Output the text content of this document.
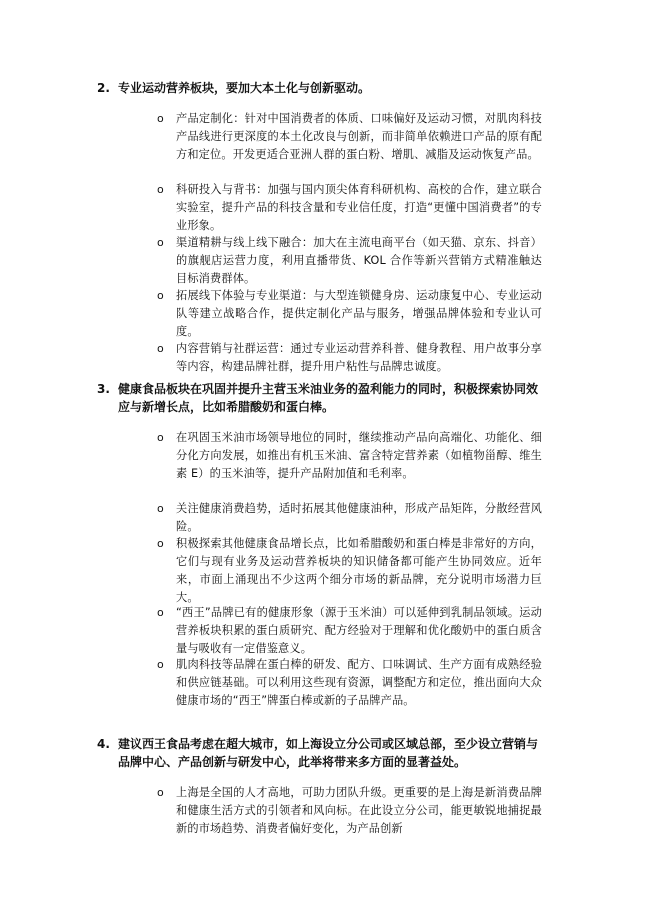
2. 专业运动营养板块，要加大本土化与创新驱动。
o 产品定制化：针对中国消费者的体质、口味偏好及运动习惯，对肌肉科技产品线进行更深度的本土化改良与创新，而非简单依赖进口产品的原有配方和定位。开发更适合亚洲人群的蛋白粉、增肌、减脂及运动恢复产品。
o 科研投入与背书：加强与国内顶尖体育科研机构、高校的合作，建立联合实验室，提升产品的科技含量和专业信任度，打造“更懂中国消费者”的专业形象。
o 渠道精耕与线上线下融合：加大在主流电商平台（如天猫、京东、抖音）的旗舰店运营力度，利用直播带货、KOL 合作等新兴营销方式精准触达目标消费群体。
o 拓展线下体验与专业渠道：与大型连锁健身房、运动康复中心、专业运动队等建立战略合作，提供定制化产品与服务，增强品牌体验和专业认可度。
o 内容营销与社群运营：通过专业运动营养科普、健身教程、用户故事分享等内容，构建品牌社群，提升用户粘性与品牌忠诚度。
3. 健康食品板块在巩固并提升主营玉米油业务的盈利能力的同时，积极探索协同效应与新增长点，比如希腊酸奶和蛋白棒。
o 在巩固玉米油市场领导地位的同时，继续推动产品向高端化、功能化、细分化方向发展，如推出有机玉米油、富含特定营养素（如植物甾醇、维生素 E）的玉米油等，提升产品附加值和毛利率。
o 关注健康消费趋势，适时拓展其他健康油种，形成产品矩阵，分散经营风险。
o 积极探索其他健康食品增长点，比如希腊酸奶和蛋白棒是非常好的方向，它们与现有业务及运动营养板块的知识储备都可能产生协同效应。近年来，市面上涌现出不少这两个细分市场的新品牌，充分说明市场潜力巨大。
o “西王”品牌已有的健康形象（源于玉米油）可以延伸到乳制品领域。运动营养板块积累的蛋白质研究、配方经验对于理解和优化酸奶中的蛋白质含量与吸收有一定借鉴意义。
o 肌肉科技等品牌在蛋白棒的研发、配方、口味调试、生产方面有成熟经验和供应链基础。可以利用这些现有资源，调整配方和定位，推出面向大众健康市场的“西王”牌蛋白棒或新的子品牌产品。
4. 建议西王食品考虑在超大城市，如上海设立分公司或区域总部，至少设立营销与品牌中心、产品创新与研发中心，此举将带来多方面的显著益处。
o 上海是全国的人才高地，可助力团队升级。更重要的是上海是新消费品牌和健康生活方式的引领者和风向标。在此设立分公司，能更敏锐地捕捉最新的市场趋势、消费者偏好变化，为产品创新
